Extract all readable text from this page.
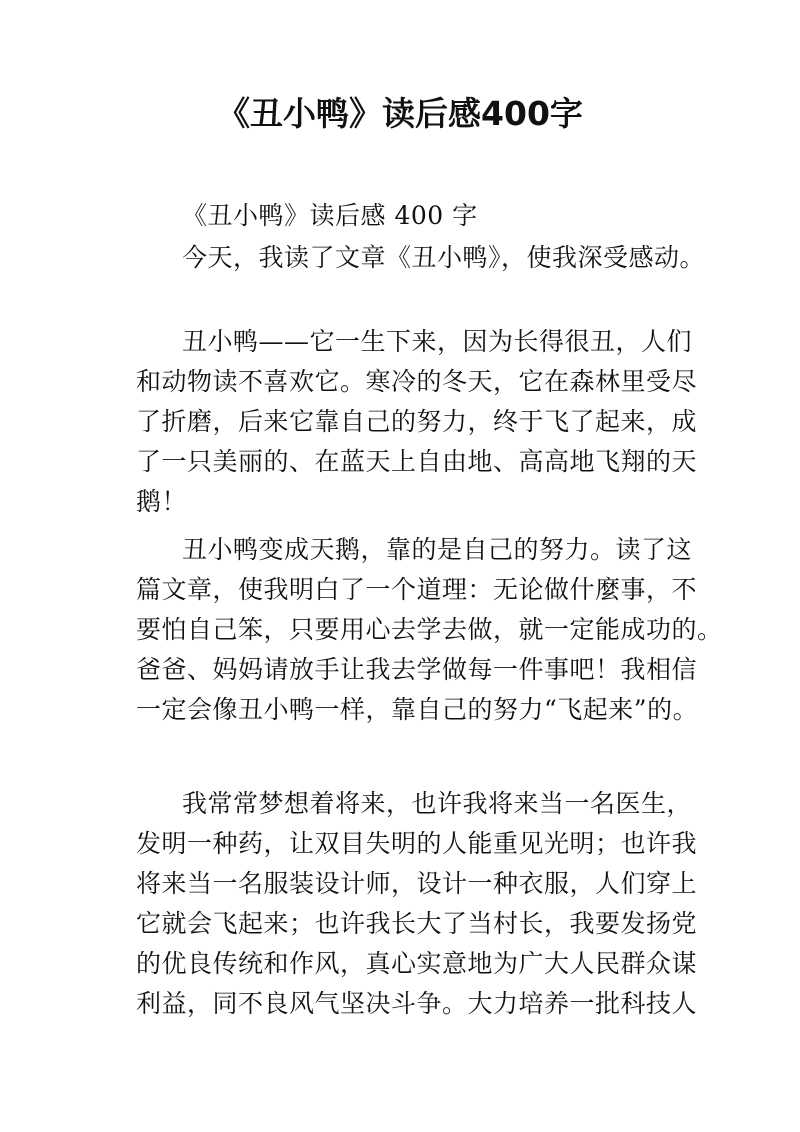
《丑小鸭》读后感400字
《丑小鸭》读后感 400 字
今天，我读了文章《丑小鸭》，使我深受感动。
丑小鸭——它一生下来，因为长得很丑，人们
和动物读不喜欢它。寒冷的冬天，它在森林里受尽
了折磨，后来它靠自己的努力，终于飞了起来，成
了一只美丽的、在蓝天上自由地、高高地飞翔的天
鹅！
丑小鸭变成天鹅，靠的是自己的努力。读了这
篇文章，使我明白了一个道理：无论做什麼事，不
要怕自己笨，只要用心去学去做，就一定能成功的。
爸爸、妈妈请放手让我去学做每一件事吧！我相信
一定会像丑小鸭一样，靠自己的努力“飞起来”的。
我常常梦想着将来，也许我将来当一名医生，
发明一种药，让双目失明的人能重见光明；也许我
将来当一名服装设计师，设计一种衣服，人们穿上
它就会飞起来；也许我长大了当村长，我要发扬党
的优良传统和作风，真心实意地为广大人民群众谋
利益，同不良风气坚决斗争。大力培养一批科技人
